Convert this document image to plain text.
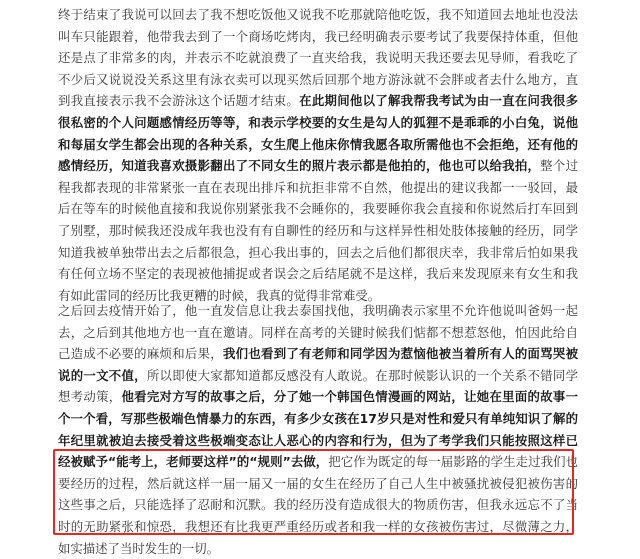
终于结束了我说可以回去了我不想吃饭他又说我不吃那就陪他吃饭，我不知道回去地址也没法叫车只能跟着，他带我去到了一个商场吃烤肉，我已经明确表示要考试了我要保持体重，但他还是点了非常多的肉，并表示不吃就浪费了一直夹给我，我说明天我还要去见导师，看我吃了不少后又说说没关系这里有泳衣卖可以现买然后回那个地方游泳就不会胖或者去什么地方，直到我直接表示我不会游泳这个话题才结束。在此期间他以了解我帮我考试为由一直在问我很多很私密的个人问题感情经历等等，和表示学校要的女生是勾人的狐狸不是乖乖的小白兔，说他和每届女学生都会出现的各种关系，女生爬上他床你情我愿各取所需他也不会拒绝，还有他的感情经历，知道我喜欢摄影翻出了不同女生的照片表示都是他拍的，他也可以给我拍，整个过程我都表现的非常紧张一直在表现出排斥和抗拒非常不自然，他提出的建议我都一一驳回，最后在等车的时候他直接和我说你别紧张我不会睡你的，我要睡你我会直接和你说然后打车回到了别墅，那时候我还没成年我也没有有自聊性的经历和与这样异性相处肢体接触的经历，同学知道我被单独带出去之后都很急，担心我出事的，回去之后他们都很庆幸，我非常后怕如果我有任何立场不坚定的表现被他捕捉或者误会之后结尾就不是这样，我后来发现原来有女生和我有如此雷同的经历比我更糟的时候，我真的觉得非常难受。

之后回去疫情开始了，他一直发信息让我去泰国找他，我明确表示家里不允许他说叫爸妈一起去，之后到其他地方也一直在邀请。同样在高考的关键时候我们惦都不想惹怒他，怕因此给自己造成不必要的麻烦和后果，我们也看到了有老师和同学因为惹恼他被当着所有人的面骂哭被说的一文不值，所以即使大家都知道都反感没有人敢说。在那时候影认识的一个关系不错同学想考动策，他看完对方写的故事之后，分了她一个韩国色情漫画的网站，让她在里面的故事一个一个看，写那些极端色情暴力的东西，有多少女孩在17岁只是对性和爱只有单纯知识了解的年纪里就被迫去接受着这些极端变态让人恶心的内容和行为，但为了考学我们只能按照这样已经被赋予“能考上，老师要这样”的“规则”去做，把它作为既定的每一届影路的学生走过我们也要经历的过程，然后就这样一届一届又一届的女生在经历了自己人生中被骚扰被侵犯被伤害的这些事之后，只能选择了忍耐和沉默。我的经历没有造成很大的物质伤害，但我永远忘不了当时的无助紧张和惊恐，我想还有比我更严重经历或者和我一样的女孩被伤害过，尽微薄之力，如实描述了当时发生的一切。
